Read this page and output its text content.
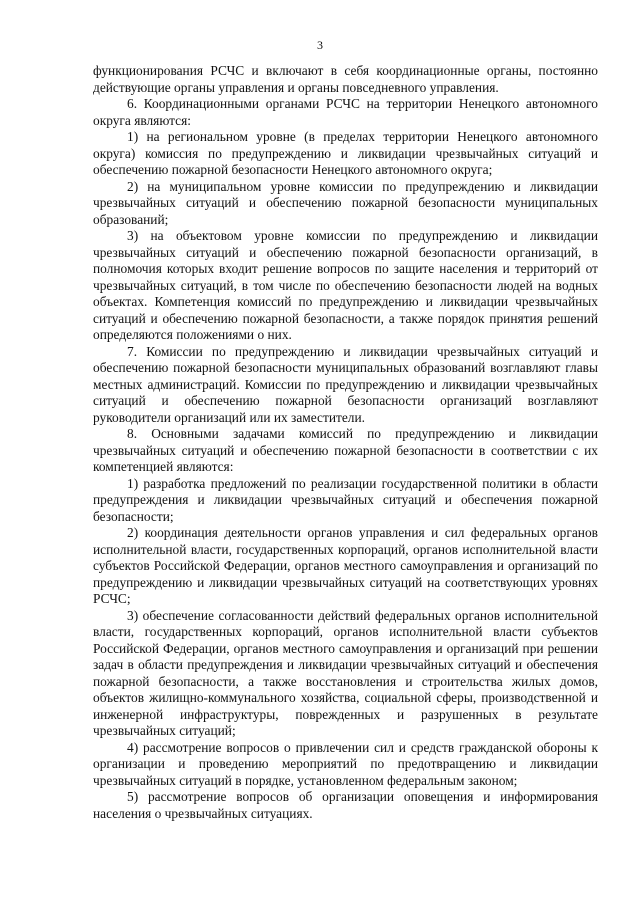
3

функционирования РСЧС и включают в себя координационные органы, постоянно действующие органы управления и органы повседневного управления.

6. Координационными органами РСЧС на территории Ненецкого автономного округа являются:

1) на региональном уровне (в пределах территории Ненецкого автономного округа) комиссия по предупреждению и ликвидации чрезвычайных ситуаций и обеспечению пожарной безопасности Ненецкого автономного округа;

2) на муниципальном уровне комиссии по предупреждению и ликвидации чрезвычайных ситуаций и обеспечению пожарной безопасности муниципальных образований;

3) на объектовом уровне комиссии по предупреждению и ликвидации чрезвычайных ситуаций и обеспечению пожарной безопасности организаций, в полномочия которых входит решение вопросов по защите населения и территорий от чрезвычайных ситуаций, в том числе по обеспечению безопасности людей на водных объектах. Компетенция комиссий по предупреждению и ликвидации чрезвычайных ситуаций и обеспечению пожарной безопасности, а также порядок принятия решений определяются положениями о них.

7. Комиссии по предупреждению и ликвидации чрезвычайных ситуаций и обеспечению пожарной безопасности муниципальных образований возглавляют главы местных администраций. Комиссии по предупреждению и ликвидации чрезвычайных ситуаций и обеспечению пожарной безопасности организаций возглавляют руководители организаций или их заместители.

8. Основными задачами комиссий по предупреждению и ликвидации чрезвычайных ситуаций и обеспечению пожарной безопасности в соответствии с их компетенцией являются:

1) разработка предложений по реализации государственной политики в области предупреждения и ликвидации чрезвычайных ситуаций и обеспечения пожарной безопасности;

2) координация деятельности органов управления и сил федеральных органов исполнительной власти, государственных корпораций, органов исполнительной власти субъектов Российской Федерации, органов местного самоуправления и организаций по предупреждению и ликвидации чрезвычайных ситуаций на соответствующих уровнях РСЧС;

3) обеспечение согласованности действий федеральных органов исполнительной власти, государственных корпораций, органов исполнительной власти субъектов Российской Федерации, органов местного самоуправления и организаций при решении задач в области предупреждения и ликвидации чрезвычайных ситуаций и обеспечения пожарной безопасности, а также восстановления и строительства жилых домов, объектов жилищно-коммунального хозяйства, социальной сферы, производственной и инженерной инфраструктуры, поврежденных и разрушенных в результате чрезвычайных ситуаций;

4) рассмотрение вопросов о привлечении сил и средств гражданской обороны к организации и проведению мероприятий по предотвращению и ликвидации чрезвычайных ситуаций в порядке, установленном федеральным законом;

5) рассмотрение вопросов об организации оповещения и информирования населения о чрезвычайных ситуациях.
